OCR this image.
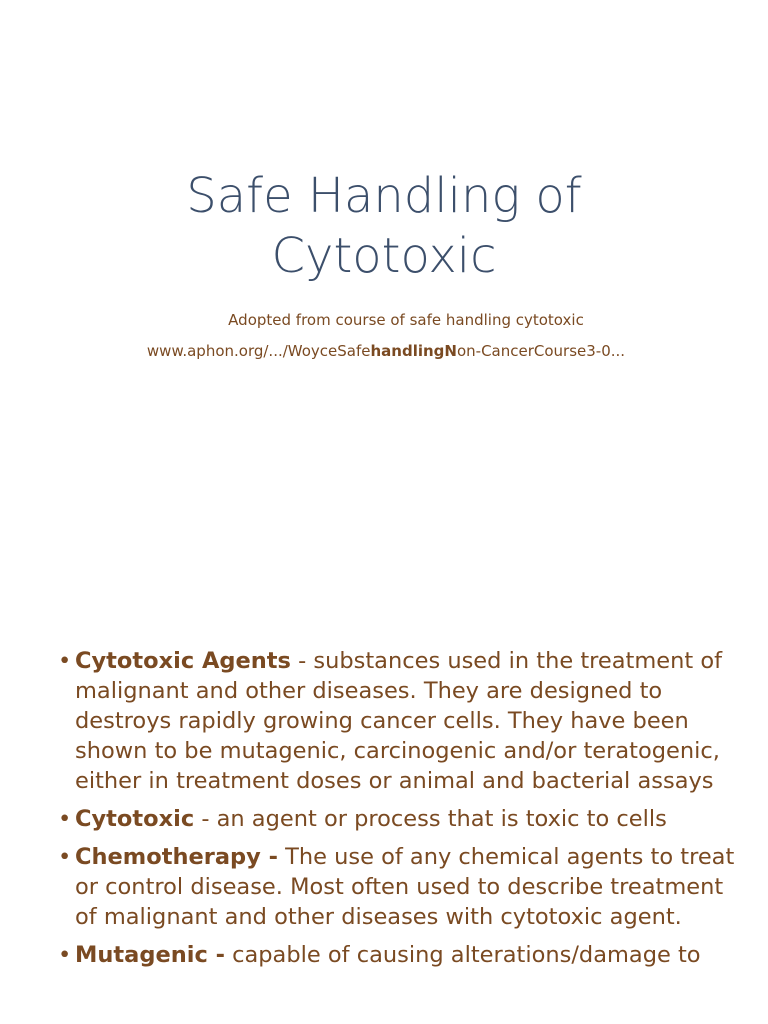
Safe Handling of
Cytotoxic

Adopted from course of safe handling cytotoxic

www.aphon.org/.../WoyceSafehandlingNon-CancerCourse3-0...

• Cytotoxic Agents - substances used in the treatment of malignant and other diseases. They are designed to destroys rapidly growing cancer cells. They have been shown to be mutagenic, carcinogenic and/or teratogenic, either in treatment doses or animal and bacterial assays
• Cytotoxic - an agent or process that is toxic to cells
• Chemotherapy - The use of any chemical agents to treat or control disease. Most often used to describe treatment of malignant and other diseases with cytotoxic agent.
• Mutagenic - capable of causing alterations/damage to
